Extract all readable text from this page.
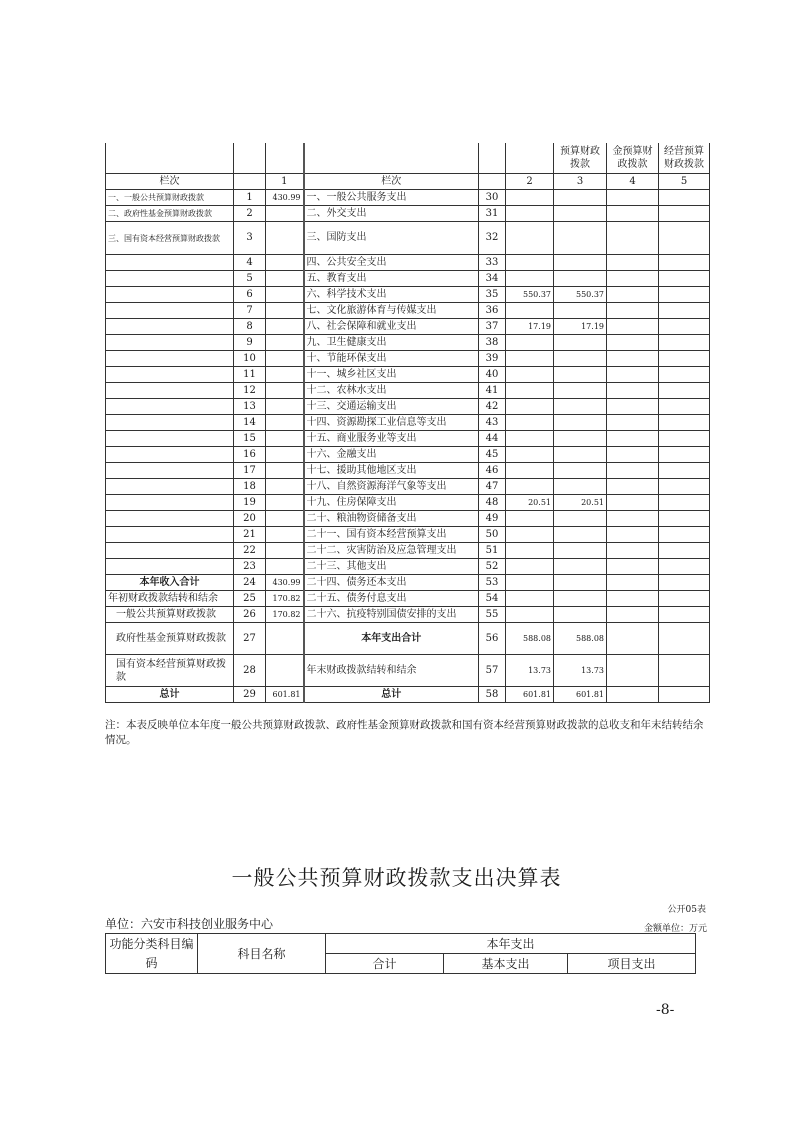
						预算财政拨款	金预算财政拨款	经营预算财政拨款
栏次		1	栏次		2	3	4	5
一、一般公共预算财政拨款	1	430.99	一、一般公共服务支出	30				
二、政府性基金预算财政拨款	2		二、外交支出	31				
三、国有资本经营预算财政拨款	3		三、国防支出	32				
	4		四、公共安全支出	33				
	5		五、教育支出	34				
	6		六、科学技术支出	35	550.37	550.37		
	7		七、文化旅游体育与传媒支出	36				
	8		八、社会保障和就业支出	37	17.19	17.19		
	9		九、卫生健康支出	38				
	10		十、节能环保支出	39				
	11		十一、城乡社区支出	40				
	12		十二、农林水支出	41				
	13		十三、交通运输支出	42				
	14		十四、资源勘探工业信息等支出	43				
	15		十五、商业服务业等支出	44				
	16		十六、金融支出	45				
	17		十七、援助其他地区支出	46				
	18		十八、自然资源海洋气象等支出	47				
	19		十九、住房保障支出	48	20.51	20.51		
	20		二十、粮油物资储备支出	49				
	21		二十一、国有资本经营预算支出	50				
	22		二十二、灾害防治及应急管理支出	51				
	23		二十三、其他支出	52				
本年收入合计	24	430.99	二十四、债务还本支出	53				
年初财政拨款结转和结余	25	170.82	二十五、债务付息支出	54				
一般公共预算财政拨款	26	170.82	二十六、抗疫特别国债安排的支出	55				
政府性基金预算财政拨款	27		本年支出合计	56	588.08	588.08		
国有资本经营预算财政拨款	28		年末财政拨款结转和结余	57	13.73	13.73		
总计	29	601.81	总计	58	601.81	601.81		
注：本表反映单位本年度一般公共预算财政拨款、政府性基金预算财政拨款和国有资本经营预算财政拨款的总收支和年末结转结余情况。
一般公共预算财政拨款支出决算表
公开05表
单位：六安市科技创业服务中心	金额单位：万元
功能分类科目编码	科目名称	本年支出		
		合计	基本支出	项目支出
-8-
